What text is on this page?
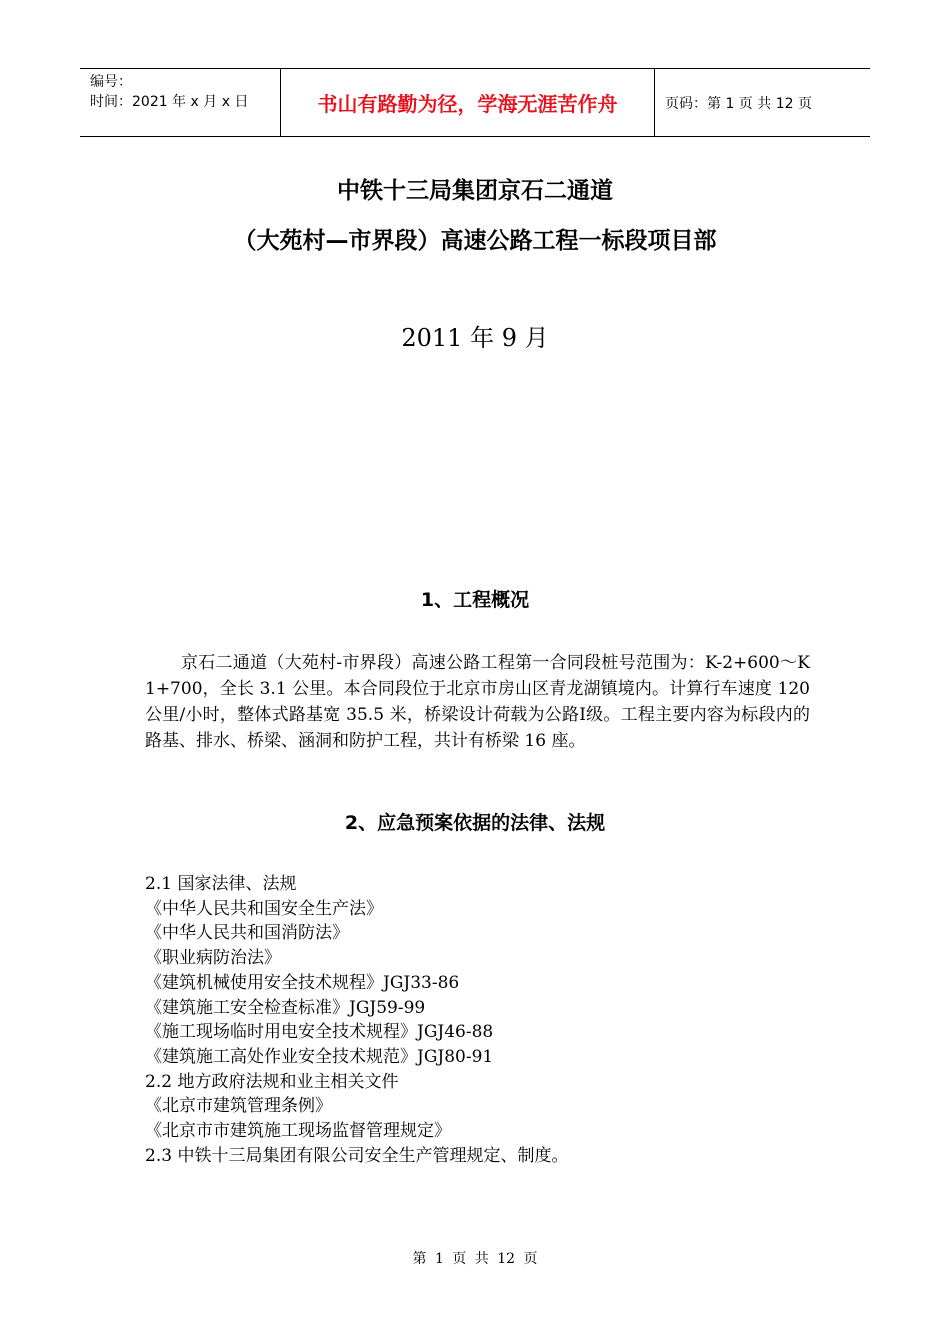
编号：
时间：2021 年 x 月 x 日	书山有路勤为径，学海无涯苦作舟	页码：第 1 页 共 12 页
中铁十三局集团京石二通道
（大苑村—市界段）高速公路工程一标段项目部
2011 年 9 月
1、工程概况
京石二通道（大苑村-市界段）高速公路工程第一合同段桩号范围为：K-2+600～K 1+700，全长 3.1 公里。本合同段位于北京市房山区青龙湖镇境内。计算行车速度 120 公里/小时，整体式路基宽 35.5 米，桥梁设计荷载为公路Ⅰ级。工程主要内容为标段内的路基、排水、桥梁、涵洞和防护工程，共计有桥梁 16 座。
2、应急预案依据的法律、法规
2.1 国家法律、法规
《中华人民共和国安全生产法》
《中华人民共和国消防法》
《职业病防治法》
《建筑机械使用安全技术规程》JGJ33-86
《建筑施工安全检查标准》JGJ59-99
《施工现场临时用电安全技术规程》JGJ46-88
《建筑施工高处作业安全技术规范》JGJ80-91
2.2 地方政府法规和业主相关文件
《北京市建筑管理条例》
《北京市市建筑施工现场监督管理规定》
2.3 中铁十三局集团有限公司安全生产管理规定、制度。
第 1 页 共 12 页
